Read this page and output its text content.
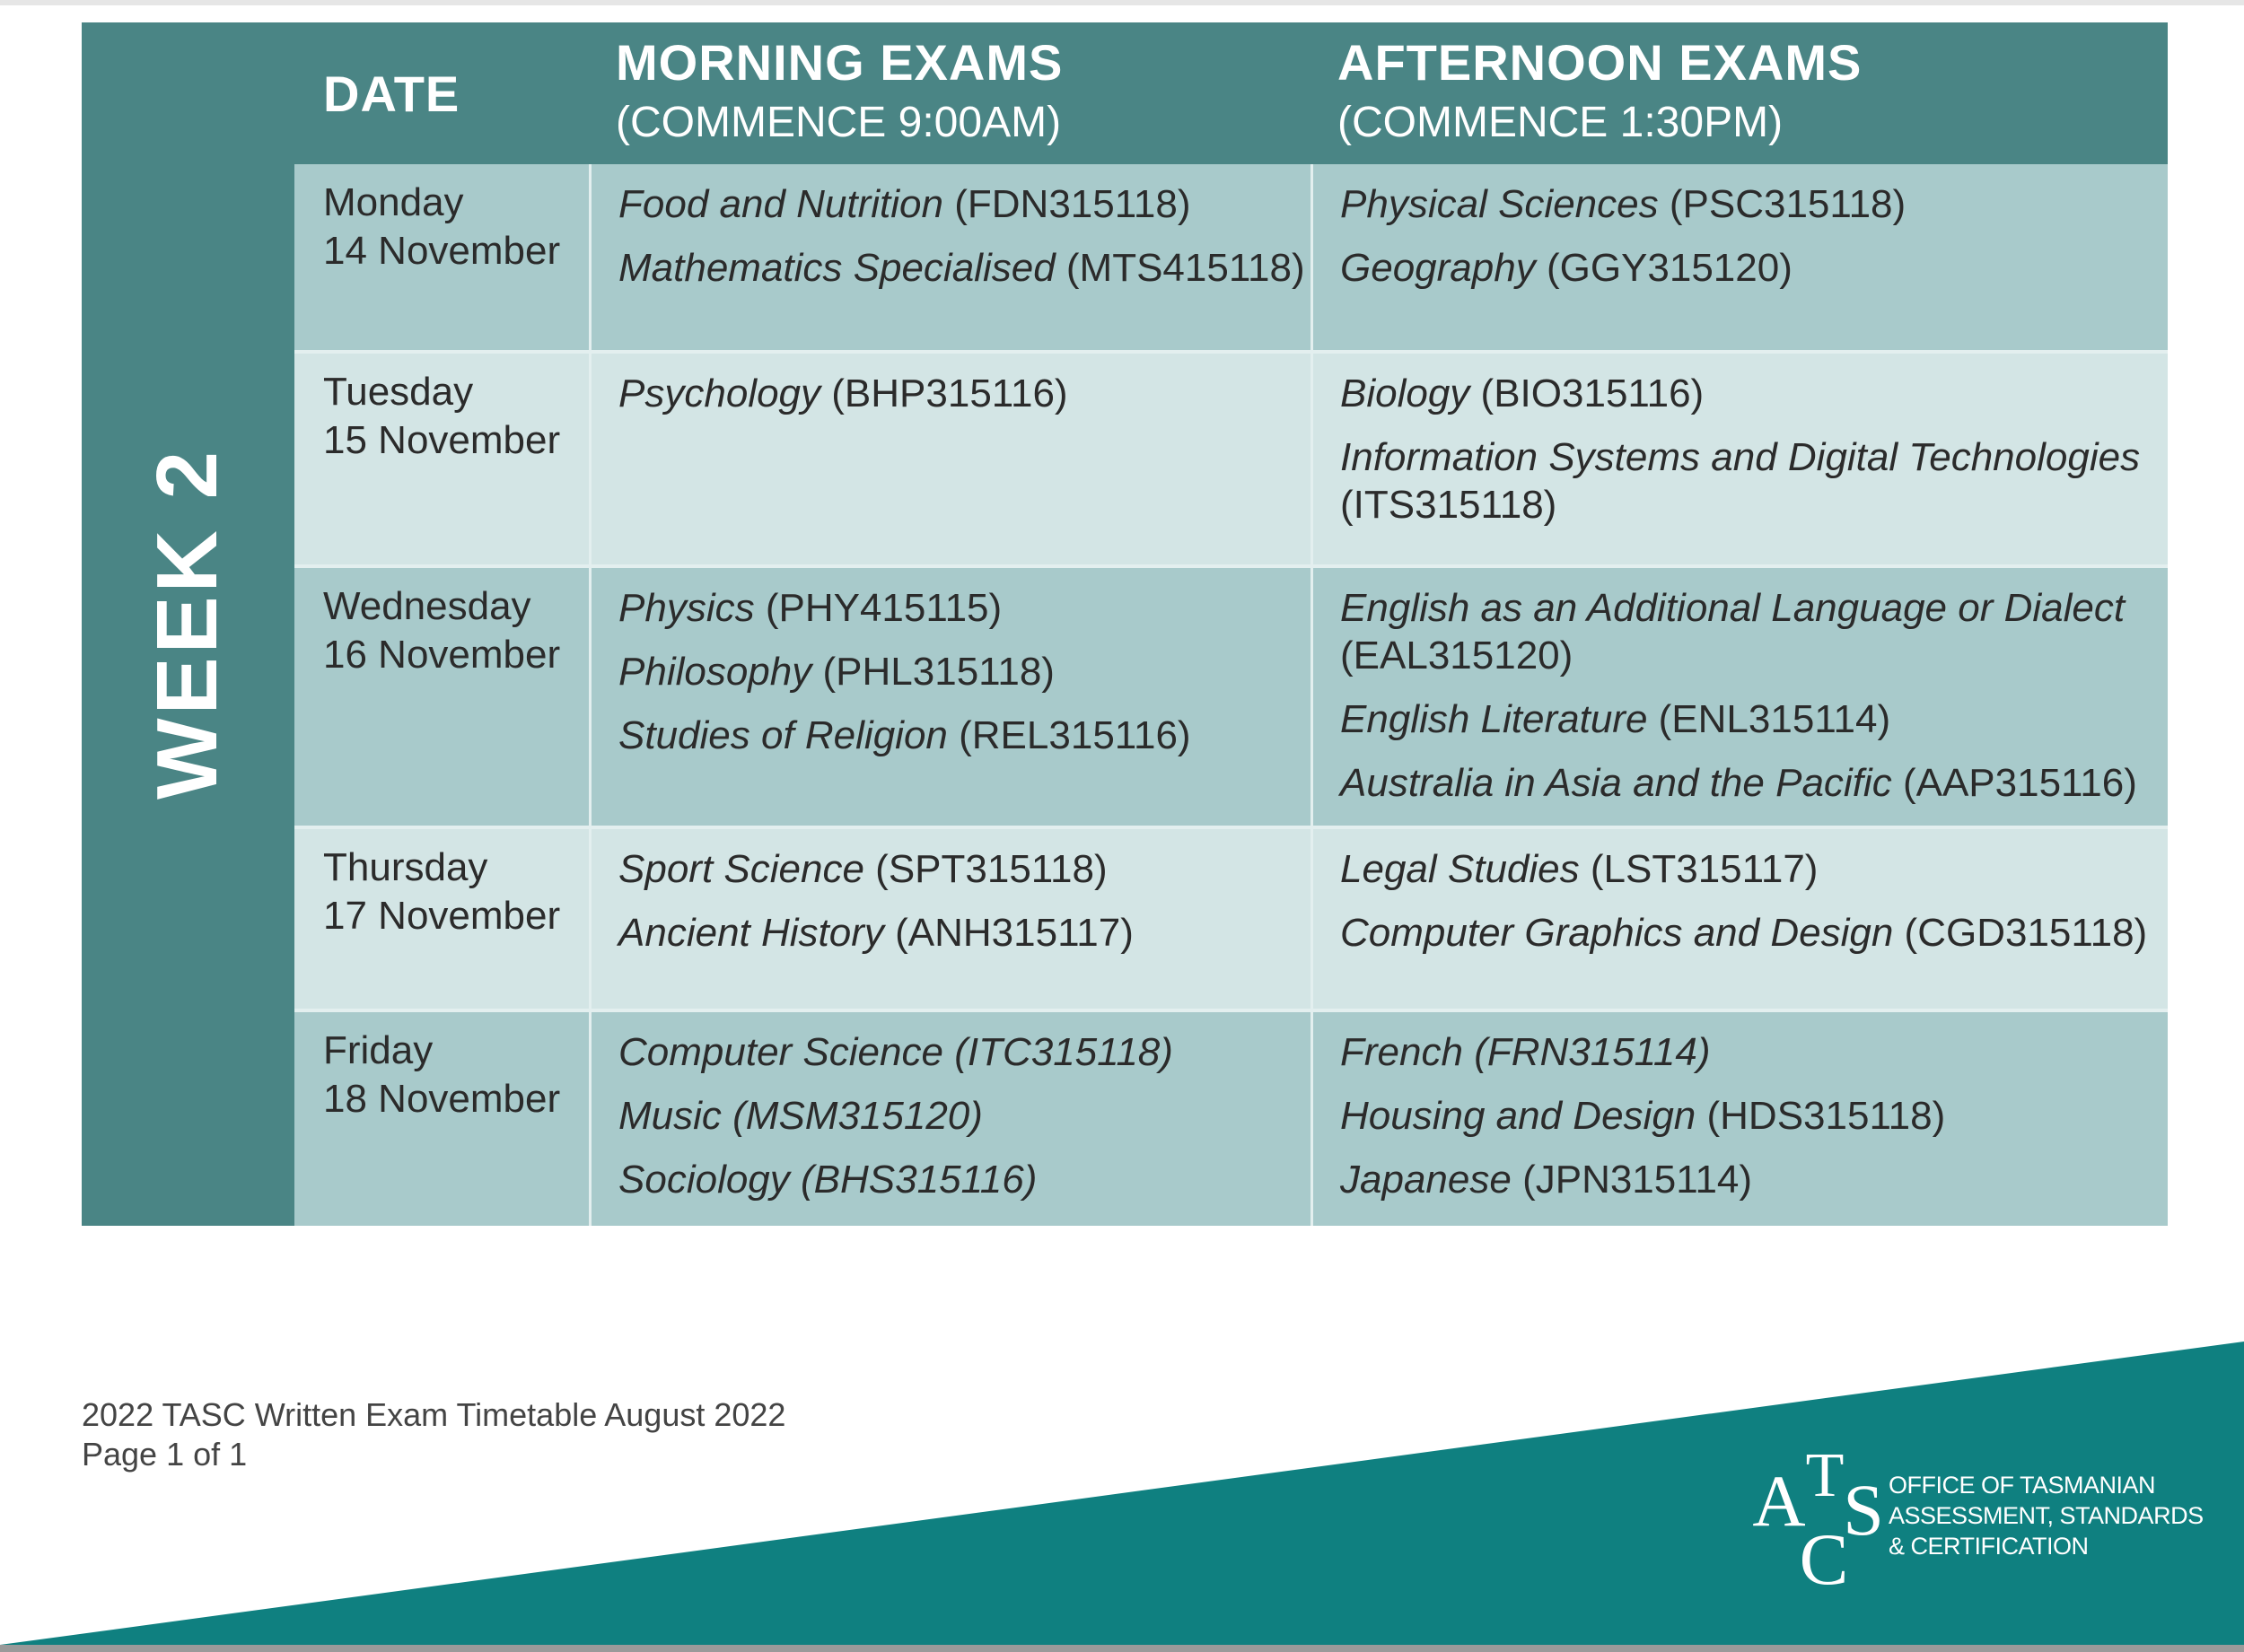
WEEK 2
DATE
MORNING EXAMS
(COMMENCE 9:00AM)
AFTERNOON EXAMS
(COMMENCE 1:30PM)
Monday
14 November
Food and Nutrition (FDN315118)
Mathematics Specialised (MTS415118)
Physical Sciences (PSC315118)
Geography (GGY315120)
Tuesday
15 November
Psychology (BHP315116)	Biology (BIO315116)
Information Systems and Digital Technologies
(ITS315118)
Wednesday
16 November
Physics (PHY415115)
Philosophy (PHL315118)
Studies of Religion (REL315116)
English as an Additional Language or Dialect
(EAL315120)
English Literature (ENL315114)
Australia in Asia and the Pacific (AAP315116)
Thursday
17 November
Sport Science (SPT315118)
Ancient History (ANH315117)
Legal Studies (LST315117)
Computer Graphics and Design (CGD315118)
Friday
18 November
Computer Science (ITC315118)
Music (MSM315120)
Sociology (BHS315116)
French (FRN315114)
Housing and Design (HDS315118)
Japanese (JPN315114)
2022 TASC Written Exam Timetable August 2022
Page 1 of 1
A T
S
C
OFFICE OF TASMANIAN
ASSESSMENT, STANDARDS
& CERTIFICATION
